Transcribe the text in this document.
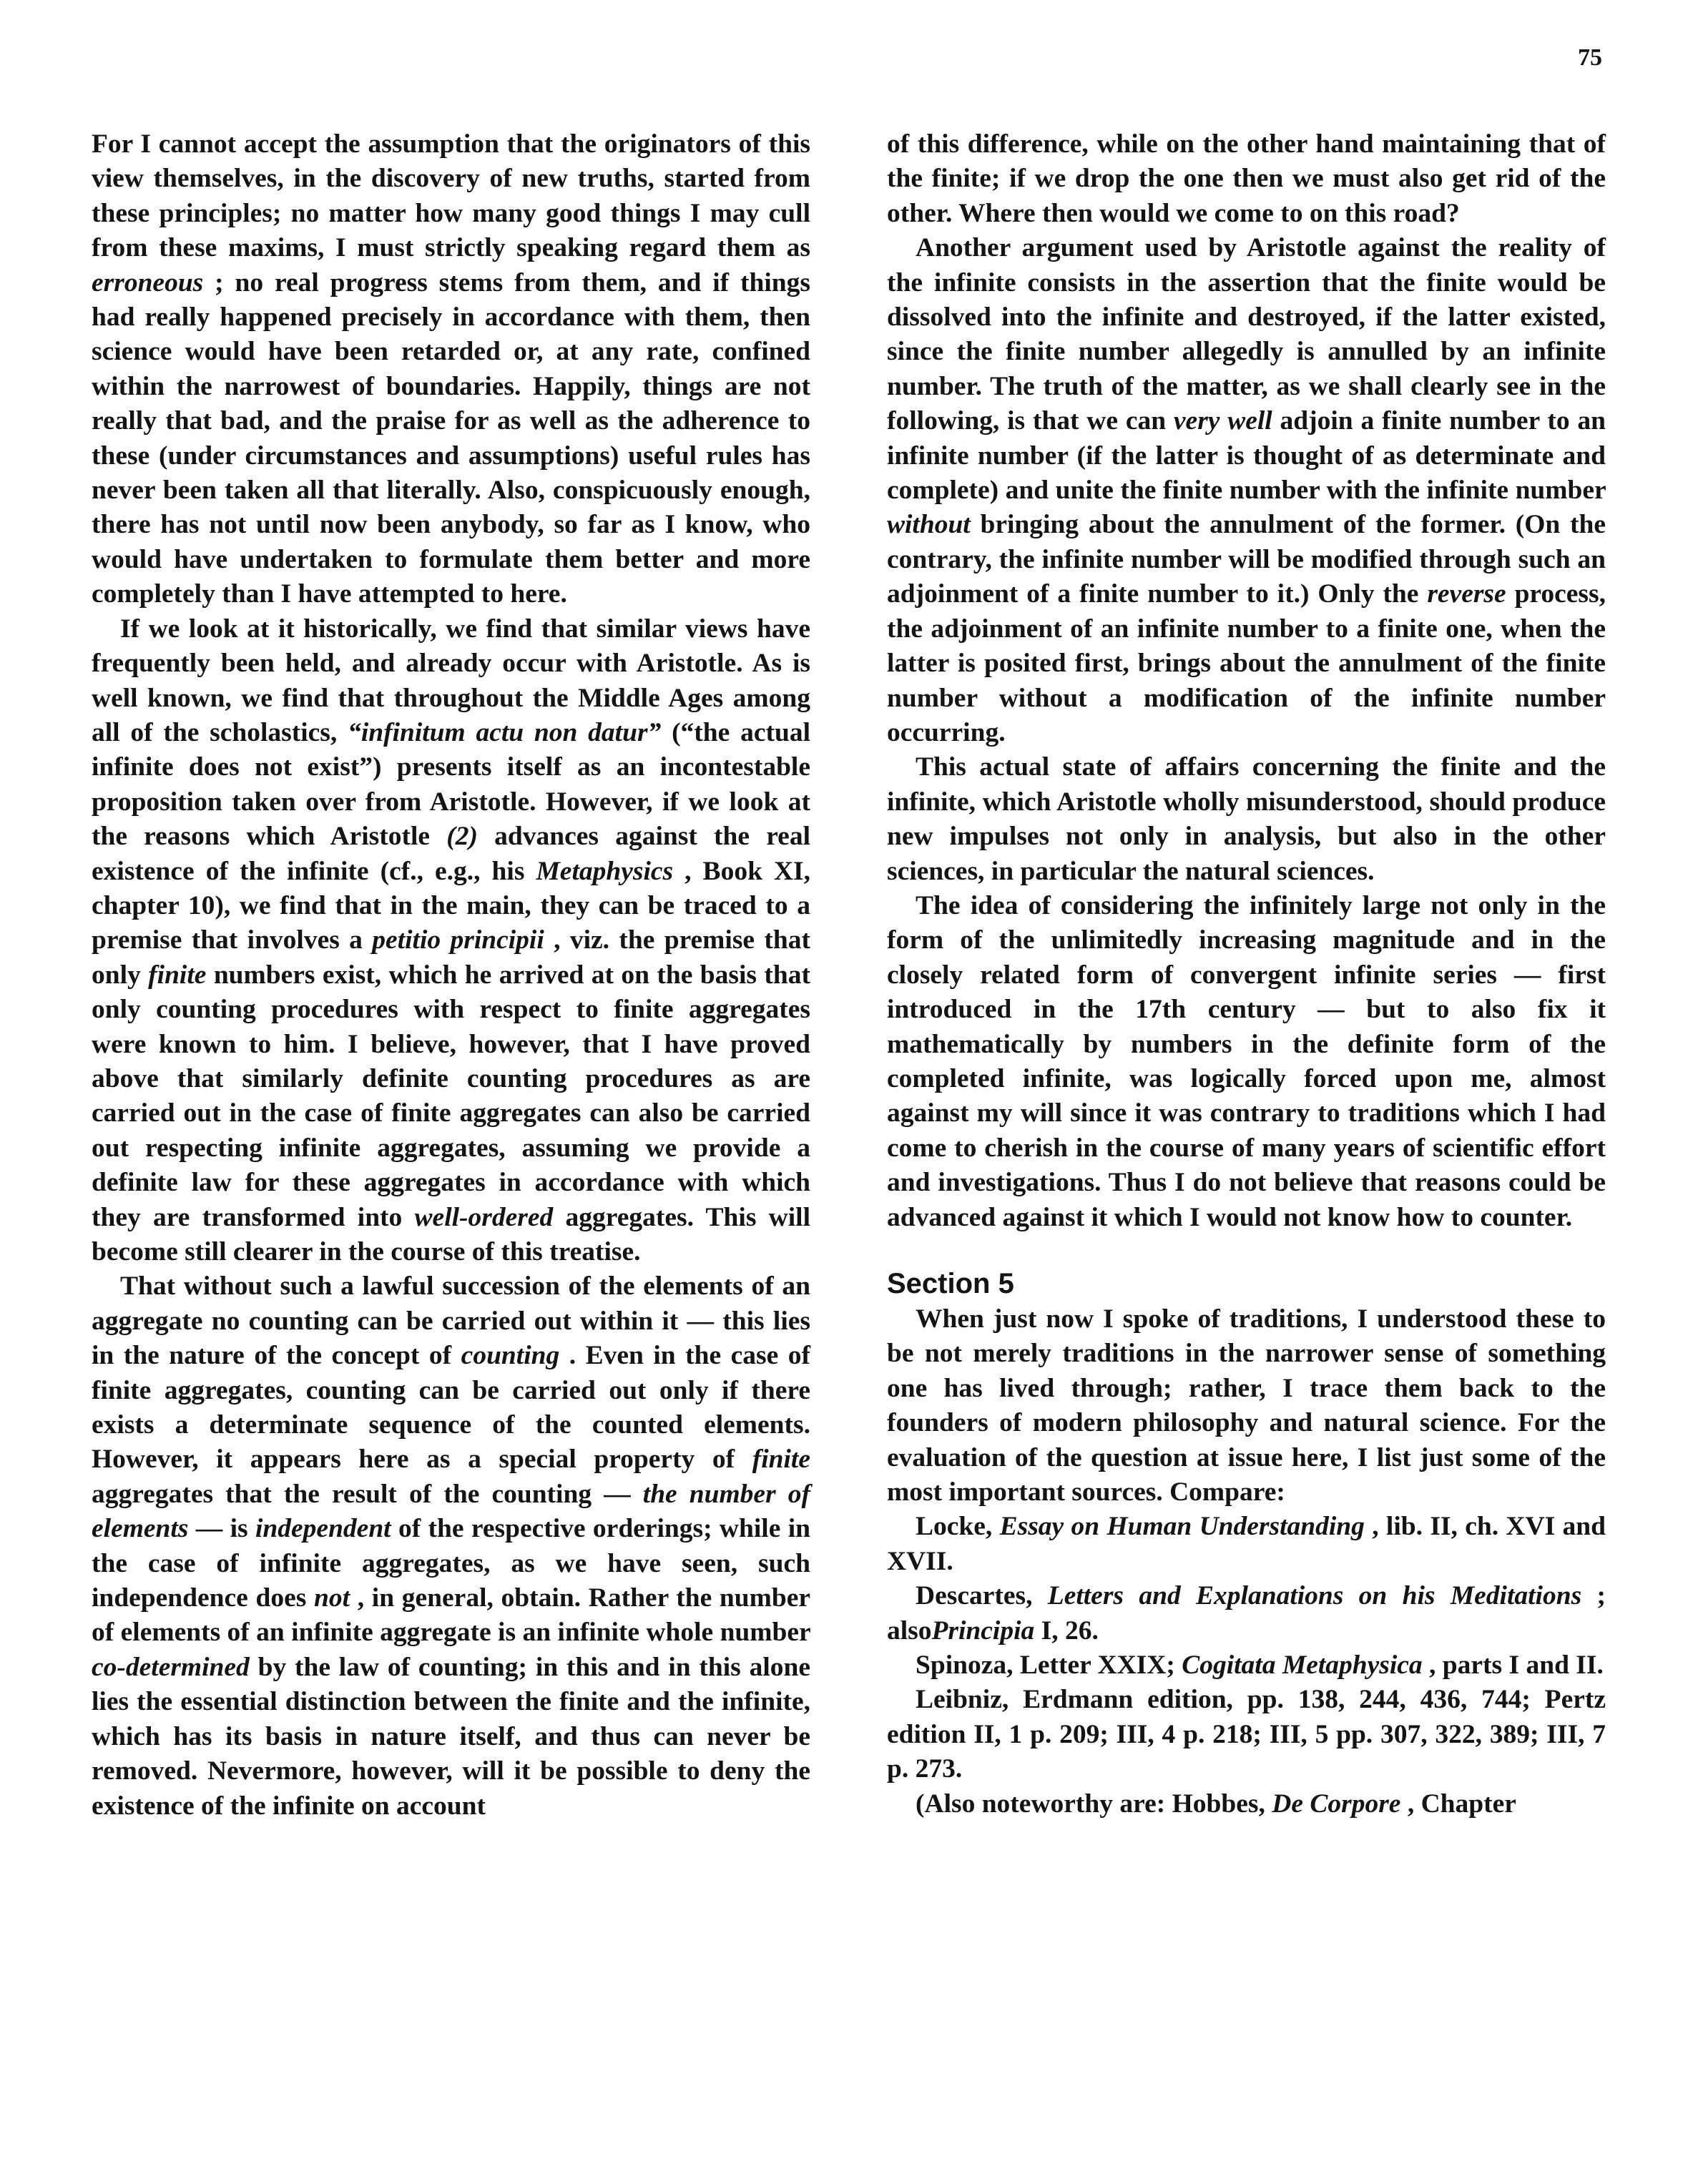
75

For I cannot accept the assumption that the originators of this view themselves, in the discovery of new truths, started from these principles; no matter how many good things I may cull from these maxims, I must strictly speaking regard them as erroneous ; no real progress stems from them, and if things had really happened precisely in accordance with them, then science would have been retarded or, at any rate, confined within the narrowest of boundaries. Happily, things are not really that bad, and the praise for as well as the adherence to these (under circumstances and assumptions) useful rules has never been taken all that literally. Also, conspicuously enough, there has not until now been anybody, so far as I know, who would have undertaken to formulate them better and more completely than I have attempted to here.

If we look at it historically, we find that similar views have frequently been held, and already occur with Aristotle. As is well known, we find that throughout the Middle Ages among all of the scholastics, “infinitum actu non datur” (“the actual infinite does not exist”) presents itself as an incontestable proposition taken over from Aristotle. However, if we look at the reasons which Aristotle (2) advances against the real existence of the infinite (cf., e.g., his Metaphysics , Book XI, chapter 10), we find that in the main, they can be traced to a premise that involves a petitio principii , viz. the premise that only finite numbers exist, which he arrived at on the basis that only counting procedures with respect to finite aggregates were known to him. I believe, however, that I have proved above that similarly definite counting procedures as are carried out in the case of finite aggregates can also be carried out respecting infinite aggregates, assuming we provide a definite law for these aggregates in accordance with which they are transformed into well-ordered aggregates. This will become still clearer in the course of this treatise.

That without such a lawful succession of the elements of an aggregate no counting can be carried out within it — this lies in the nature of the concept of counting . Even in the case of finite aggregates, counting can be carried out only if there exists a determinate sequence of the counted elements. However, it appears here as a special property of finite aggregates that the result of the counting — the number of elements — is independent of the respective orderings; while in the case of infinite aggregates, as we have seen, such independence does not , in general, obtain. Rather the number of elements of an infinite aggregate is an infinite whole number co-determined by the law of counting; in this and in this alone lies the essential distinction between the finite and the infinite, which has its basis in nature itself, and thus can never be removed. Nevermore, however, will it be possible to deny the existence of the infinite on account

of this difference, while on the other hand maintaining that of the finite; if we drop the one then we must also get rid of the other. Where then would we come to on this road?

Another argument used by Aristotle against the reality of the infinite consists in the assertion that the finite would be dissolved into the infinite and destroyed, if the latter existed, since the finite number allegedly is annulled by an infinite number. The truth of the matter, as we shall clearly see in the following, is that we can very well adjoin a finite number to an infinite number (if the latter is thought of as determinate and complete) and unite the finite number with the infinite number without bringing about the annulment of the former. (On the contrary, the infinite number will be modified through such an adjoinment of a finite number to it.) Only the reverse process, the adjoinment of an infinite number to a finite one, when the latter is posited first, brings about the annulment of the finite number without a modification of the infinite number occurring.

This actual state of affairs concerning the finite and the infinite, which Aristotle wholly misunderstood, should produce new impulses not only in analysis, but also in the other sciences, in particular the natural sciences.

The idea of considering the infinitely large not only in the form of the unlimitedly increasing magnitude and in the closely related form of convergent infinite series — first introduced in the 17th century — but to also fix it mathematically by numbers in the definite form of the completed infinite, was logically forced upon me, almost against my will since it was contrary to traditions which I had come to cherish in the course of many years of scientific effort and investigations. Thus I do not believe that reasons could be advanced against it which I would not know how to counter.

Section 5

When just now I spoke of traditions, I understood these to be not merely traditions in the narrower sense of something one has lived through; rather, I trace them back to the founders of modern philosophy and natural science. For the evaluation of the question at issue here, I list just some of the most important sources. Compare:

Locke, Essay on Human Understanding , lib. II, ch. XVI and XVII.

Descartes, Letters and Explanations on his Meditations ; alsoPrincipia I, 26.

Spinoza, Letter XXIX; Cogitata Metaphysica , parts I and II.

Leibniz, Erdmann edition, pp. 138, 244, 436, 744; Pertz edition II, 1 p. 209; III, 4 p. 218; III, 5 pp. 307, 322, 389; III, 7 p. 273.

(Also noteworthy are: Hobbes, De Corpore , Chapter
